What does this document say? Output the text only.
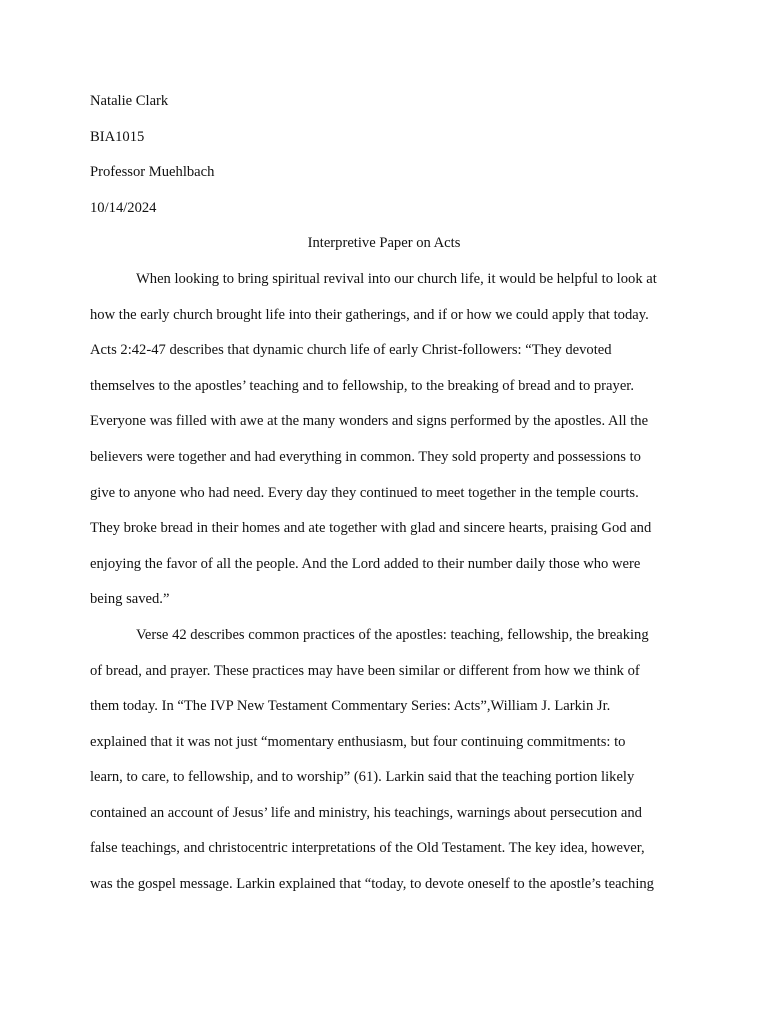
Natalie Clark
BIA1015
Professor Muehlbach
10/14/2024
Interpretive Paper on Acts
When looking to bring spiritual revival into our church life, it would be helpful to look at
how the early church brought life into their gatherings, and if or how we could apply that today.
Acts 2:42-47 describes that dynamic church life of early Christ-followers: “They devoted
themselves to the apostles’ teaching and to fellowship, to the breaking of bread and to prayer.
Everyone was filled with awe at the many wonders and signs performed by the apostles. All the
believers were together and had everything in common. They sold property and possessions to
give to anyone who had need. Every day they continued to meet together in the temple courts.
They broke bread in their homes and ate together with glad and sincere hearts, praising God and
enjoying the favor of all the people. And the Lord added to their number daily those who were
being saved.”
Verse 42 describes common practices of the apostles: teaching, fellowship, the breaking
of bread, and prayer. These practices may have been similar or different from how we think of
them today. In “The IVP New Testament Commentary Series: Acts”,William J. Larkin Jr.
explained that it was not just “momentary enthusiasm, but four continuing commitments: to
learn, to care, to fellowship, and to worship” (61). Larkin said that the teaching portion likely
contained an account of Jesus’ life and ministry, his teachings, warnings about persecution and
false teachings, and christocentric interpretations of the Old Testament. The key idea, however,
was the gospel message. Larkin explained that “today, to devote oneself to the apostle’s teaching
